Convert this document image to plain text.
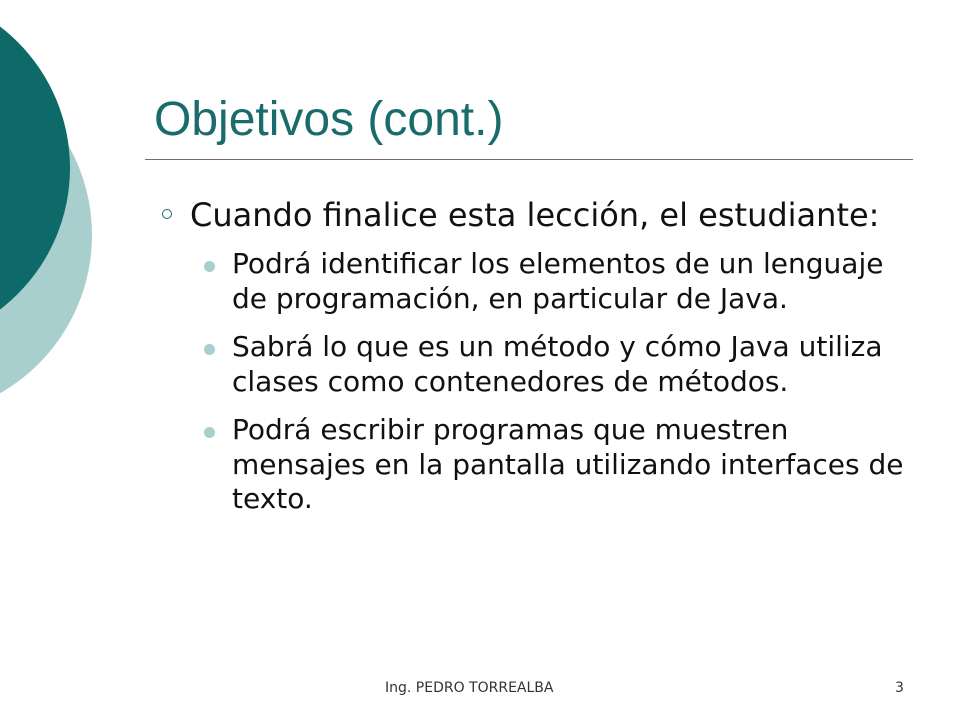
Objetivos (cont.)
Cuando finalice esta lección, el estudiante:
Podrá identificar los elementos de un lenguaje de programación, en particular de Java.
Sabrá lo que es un método y cómo Java utiliza clases como contenedores de métodos.
Podrá escribir programas que muestren mensajes en la pantalla utilizando interfaces de texto.
Ing. PEDRO TORREALBA	3
